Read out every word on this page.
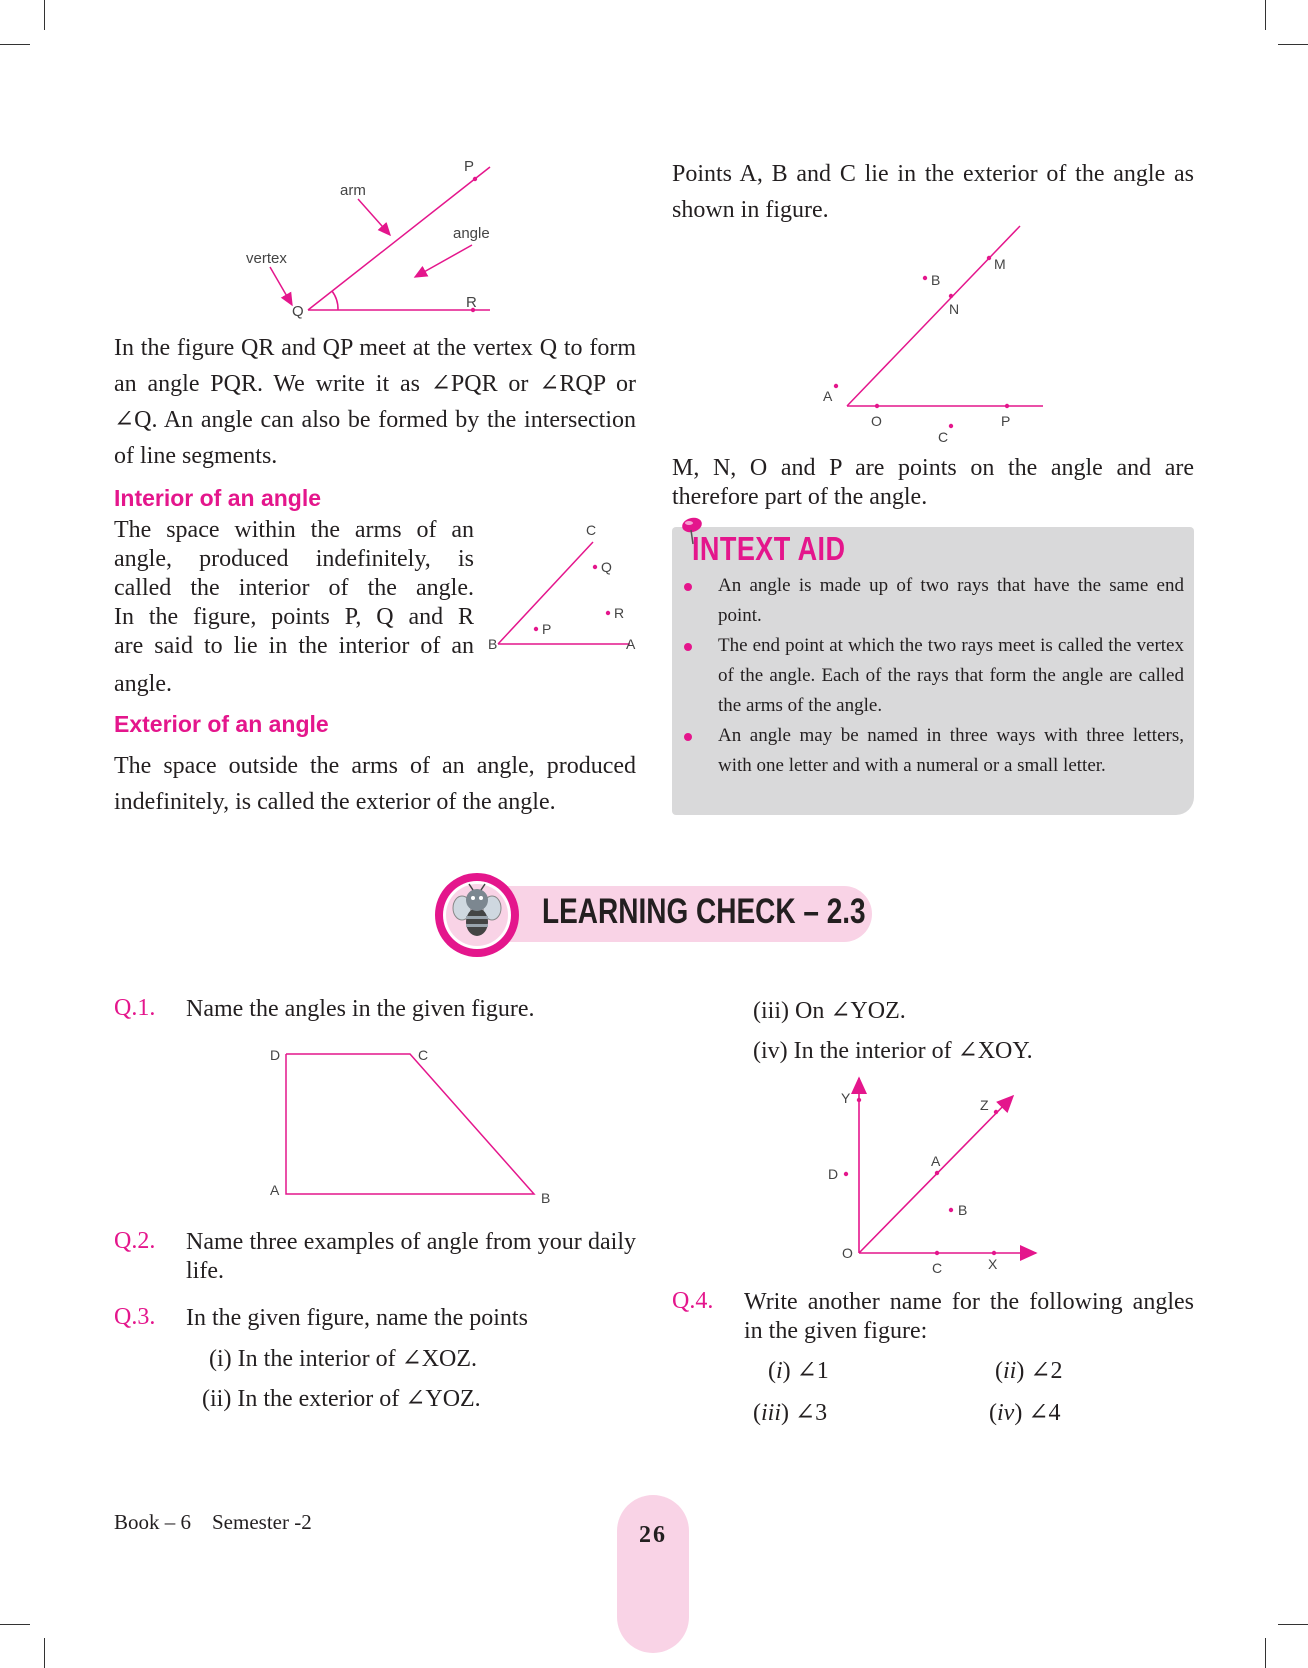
P
arm
angle
vertex
Q
R

In the figure QR and QP meet at the vertex Q to form an angle PQR. We write it as ∠PQR or ∠RQP or ∠Q. An angle can also be formed by the intersection of line segments.

Interior of an angle
The space within the arms of an
angle, produced indefinitely, is
called the interior of the angle.
In the figure, points P, Q and R
are said to lie in the interior of an
angle.
C
Q
R
P
B	A
Exterior of an angle

The space outside the arms of an angle, produced indefinitely, is called the exterior of the angle.

Points A, B and C lie in the exterior of the angle as shown in figure.

M
B
N
A
O	P
C

M, N, O and P are points on the angle and are therefore part of the angle.

INTEXT AID
An angle is made up of two rays that have the same end point.
The end point at which the two rays meet is called the vertex of the angle. Each of the rays that form the angle are called the arms of the angle.
An angle may be named in three ways with three letters, with one letter and with a numeral or a small letter.
LEARNING CHECK – 2.3
Q.1. Name the angles in the given figure.

D	C
A	B
Q.2. Name three examples of angle from your daily life.

Q.3. In the given figure, name the points

(i) In the interior of ∠XOZ.
(ii) In the exterior of ∠YOZ.
(iii) On ∠YOZ.
(iv) In the interior of ∠XOY.
Y	Z
A
D
B
O
C	X
Q.4. Write another name for the following angles in the given figure:

(i) ∠1	(ii) ∠2
(iii) ∠3	(iv) ∠4
Book – 6    Semester -2	26
